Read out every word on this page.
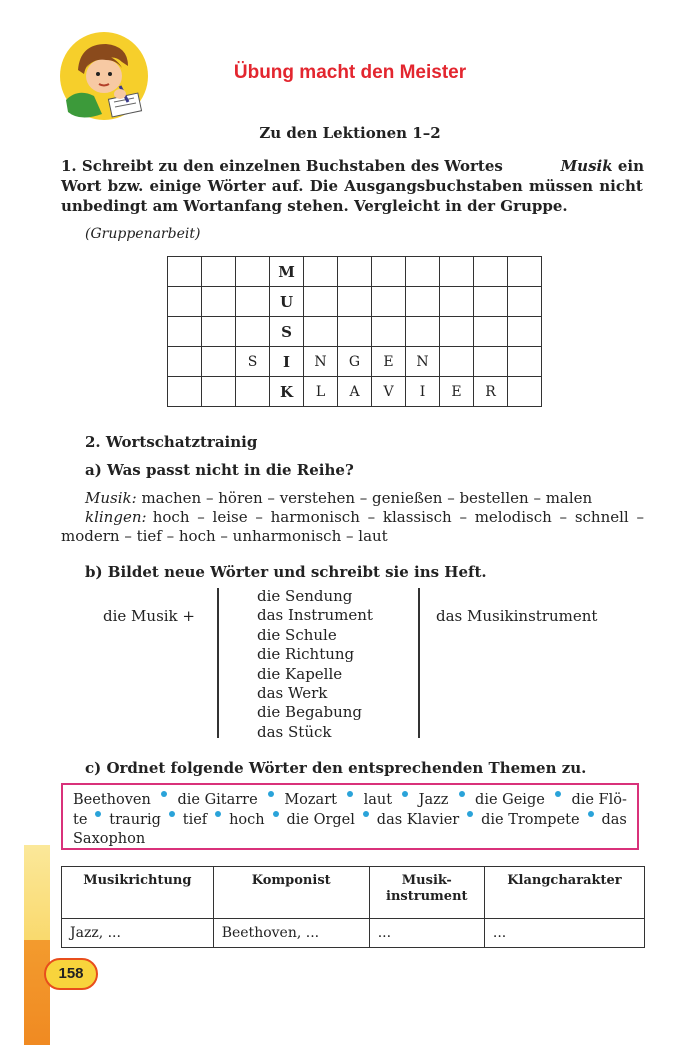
Übung macht den Meister
Zu den Lektionen 1–2
1. Schreibt zu den einzelnen Buchstaben des Wortes	Musik ein
Wort bzw. einige Wörter auf. Die Ausgangsbuchstaben müssen nicht
unbedingt am Wortanfang stehen. Vergleicht in der Gruppe.
(Gruppenarbeit)
			M							
			U							
			S							
		S	I	N	G	E	N			
			K	L	A	V	I	E	R	
2. Wortschatztrainig
a) Was passt nicht in die Reihe?
Musik: machen – hören – verstehen – genießen – bestellen – malen
klingen: hoch – leise – harmonisch – klassisch – melodisch – schnell –
modern – tief – hoch – unharmonisch – laut
b) Bildet neue Wörter und schreibt sie ins Heft.
die Musik +
die Sendung
das Instrument
die Schule
die Richtung
die Kapelle
das Werk
die Begabung
das Stück
das Musikinstrument
c) Ordnet folgende Wörter den entsprechenden Themen zu.
Beethoven die Gitarre Mozart laut Jazz die Geige die Flö-
te traurig tief hoch die Orgel das Klavier die Trompete das
Saxophon
Musikrichtung	Komponist	Musik-
instrument	Klangcharakter
Jazz, ...	Beethoven, ...	...	...
158
